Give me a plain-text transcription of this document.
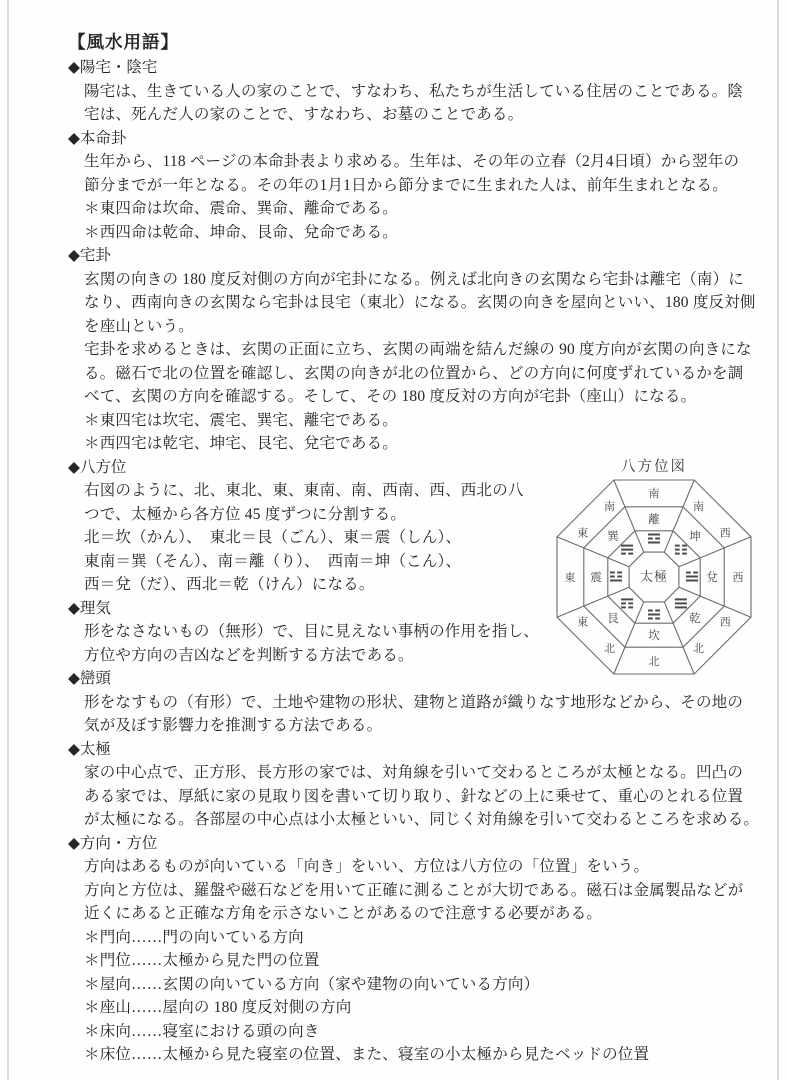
【風水用語】
◆陽宅・陰宅
陽宅は、生きている人の家のことで、すなわち、私たちが生活している住居のことである。陰
宅は、死んだ人の家のことで、すなわち、お墓のことである。
◆本命卦
生年から、118 ページの本命卦表より求める。生年は、その年の立春（2月4日頃）から翌年の
節分までが一年となる。その年の1月1日から節分までに生まれた人は、前年生まれとなる。
＊東四命は坎命、震命、巽命、離命である。
＊西四命は乾命、坤命、艮命、兌命である。
◆宅卦
玄関の向きの 180 度反対側の方向が宅卦になる。例えば北向きの玄関なら宅卦は離宅（南）に
なり、西南向きの玄関なら宅卦は艮宅（東北）になる。玄関の向きを屋向といい、180 度反対側
を座山という。
宅卦を求めるときは、玄関の正面に立ち、玄関の両端を結んだ線の 90 度方向が玄関の向きにな
る。磁石で北の位置を確認し、玄関の向きが北の位置から、どの方向に何度ずれているかを調
べて、玄関の方向を確認する。そして、その 180 度反対の方向が宅卦（座山）になる。
＊東四宅は坎宅、震宅、巽宅、離宅である。
＊西四宅は乾宅、坤宅、艮宅、兌宅である。
◆八方位
右図のように、北、東北、東、東南、南、西南、西、西北の八
つで、太極から各方位 45 度ずつに分割する。
北＝坎（かん）、　東北＝艮（ごん）、東＝震（しん）、
東南＝巽（そん）、南＝離（り）、　西南＝坤（こん）、
西＝兌（だ）、西北＝乾（けん）になる。
◆理気
形をなさないもの（無形）で、目に見えない事柄の作用を指し、
方位や方向の吉凶などを判断する方法である。
◆巒頭
形をなすもの（有形）で、土地や建物の形状、建物と道路が織りなす地形などから、その地の
気が及ぼす影響力を推測する方法である。
◆太極
家の中心点で、正方形、長方形の家では、対角線を引いて交わるところが太極となる。凹凸の
ある家では、厚紙に家の見取り図を書いて切り取り、針などの上に乗せて、重心のとれる位置
が太極になる。各部屋の中心点は小太極といい、同じく対角線を引いて交わるところを求める。
◆方向・方位
方向はあるものが向いている「向き」をいい、方位は八方位の「位置」をいう。
方向と方位は、羅盤や磁石などを用いて正確に測ることが大切である。磁石は金属製品などが
近くにあると正確な方角を示さないことがあるので注意する必要がある。
＊門向……門の向いている方向
＊門位……太極から見た門の位置
＊屋向……玄関の向いている方向（家や建物の向いている方向）
＊座山……屋向の 180 度反対側の方向
＊床向……寝室における頭の向き
＊床位……太極から見た寝室の位置、また、寝室の小太極から見たベッドの位置
八方位図
南
西
北
東
南
西
南
東
東
北	北
西
離
坤
兌
乾
坎
艮
震
巽
太極
